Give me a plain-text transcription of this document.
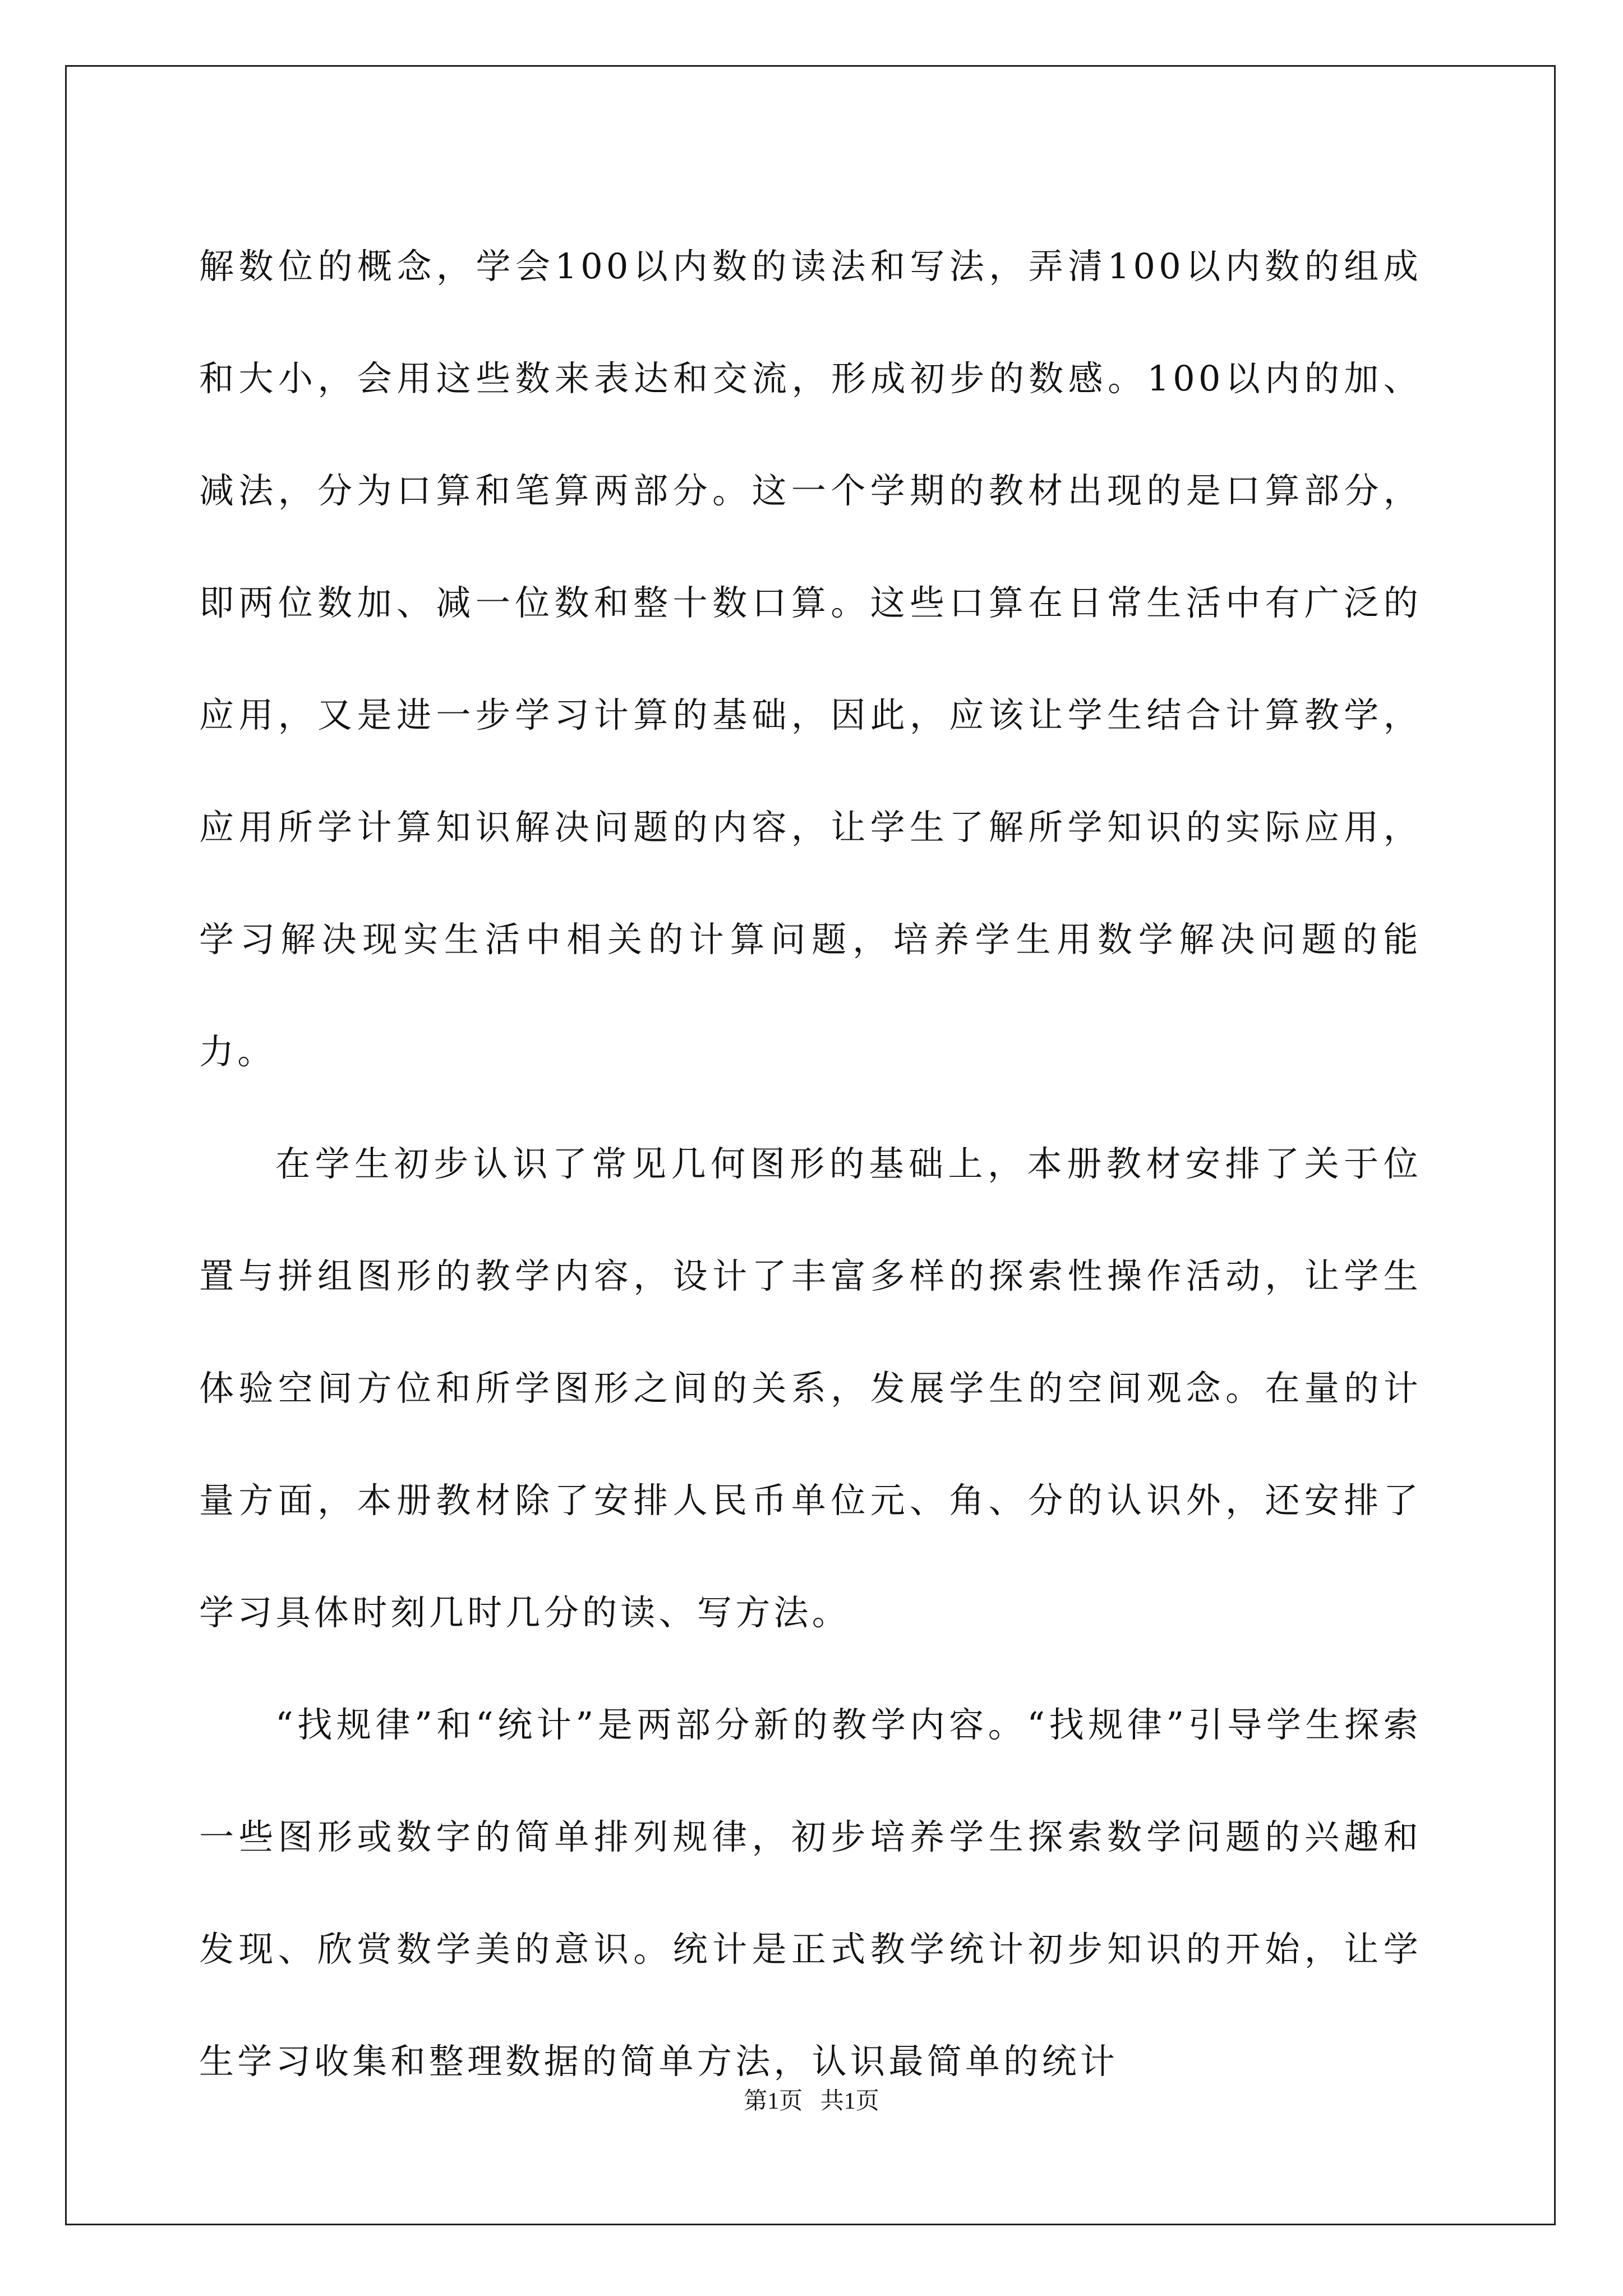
解数位的概念，学会100以内数的读法和写法，弄清100以内数的组成和大小，会用这些数来表达和交流，形成初步的数感。100以内的加、减法，分为口算和笔算两部分。这一个学期的教材出现的是口算部分，即两位数加、减一位数和整十数口算。这些口算在日常生活中有广泛的应用，又是进一步学习计算的基础，因此，应该让学生结合计算教学，应用所学计算知识解决问题的内容，让学生了解所学知识的实际应用，学习解决现实生活中相关的计算问题，培养学生用数学解决问题的能力。

在学生初步认识了常见几何图形的基础上，本册教材安排了关于位置与拼组图形的教学内容，设计了丰富多样的探索性操作活动，让学生体验空间方位和所学图形之间的关系，发展学生的空间观念。在量的计量方面，本册教材除了安排人民币单位元、角、分的认识外，还安排了学习具体时刻几时几分的读、写方法。

“找规律”和“统计”是两部分新的教学内容。“找规律”引导学生探索一些图形或数字的简单排列规律，初步培养学生探索数学问题的兴趣和发现、欣赏数学美的意识。统计是正式教学统计初步知识的开始，让学生学习收集和整理数据的简单方法，认识最简单的统计

第1页   共1页
